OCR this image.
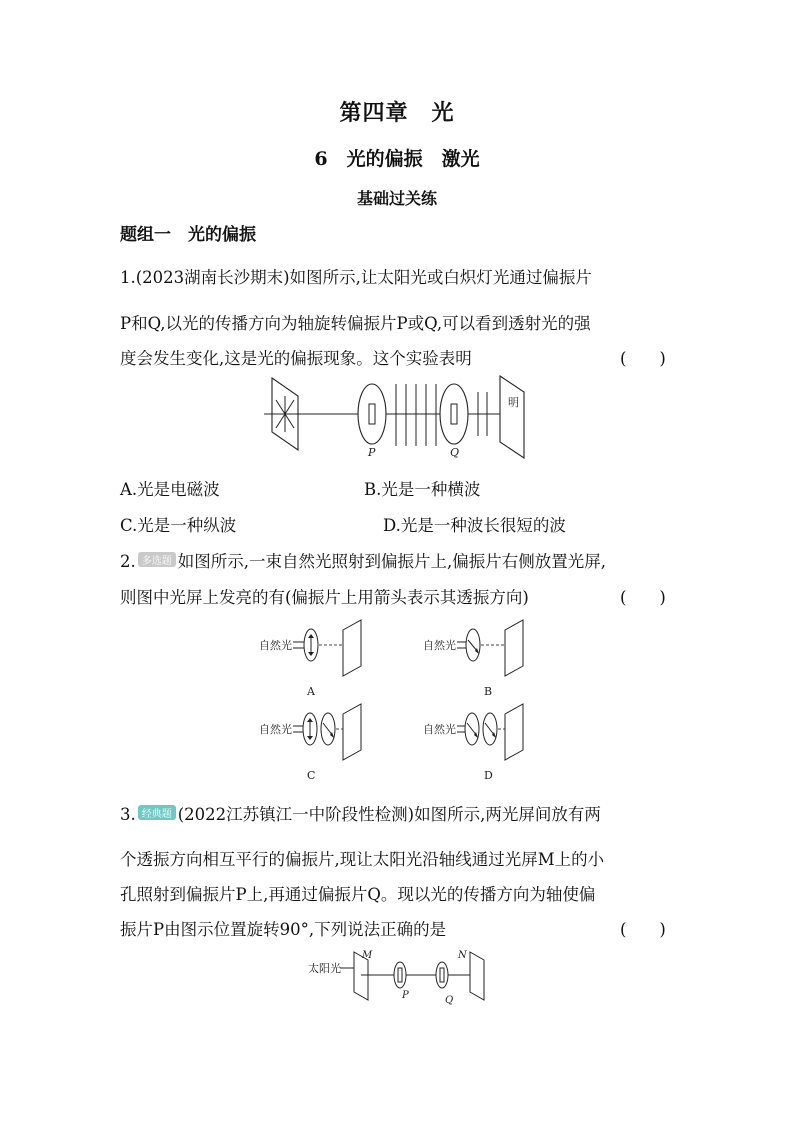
第四章　光
6　光的偏振　激光
基础过关练
题组一　光的偏振
1.(2023湖南长沙期末)如图所示,让太阳光或白炽灯光通过偏振片
P和Q,以光的传播方向为轴旋转偏振片P或Q,可以看到透射光的强
度会发生变化,这是光的偏振现象。这个实验表明	(　　)
明
P	Q
A.光是电磁波	B.光是一种横波
C.光是一种纵波	D.光是一种波长很短的波
2. 多选题 如图所示,一束自然光照射到偏振片上,偏振片右侧放置光屏,
则图中光屏上发亮的有(偏振片上用箭头表示其透振方向)	(　　)
自然光
A
自然光
B
自然光
C
自然光
D
3. 经典题 (2022江苏镇江一中阶段性检测)如图所示,两光屏间放有两
个透振方向相互平行的偏振片,现让太阳光沿轴线通过光屏M上的小
孔照射到偏振片P上,再通过偏振片Q。现以光的传播方向为轴使偏
振片P由图示位置旋转90°,下列说法正确的是	(　　)
太阳光
M
P	Q
N
